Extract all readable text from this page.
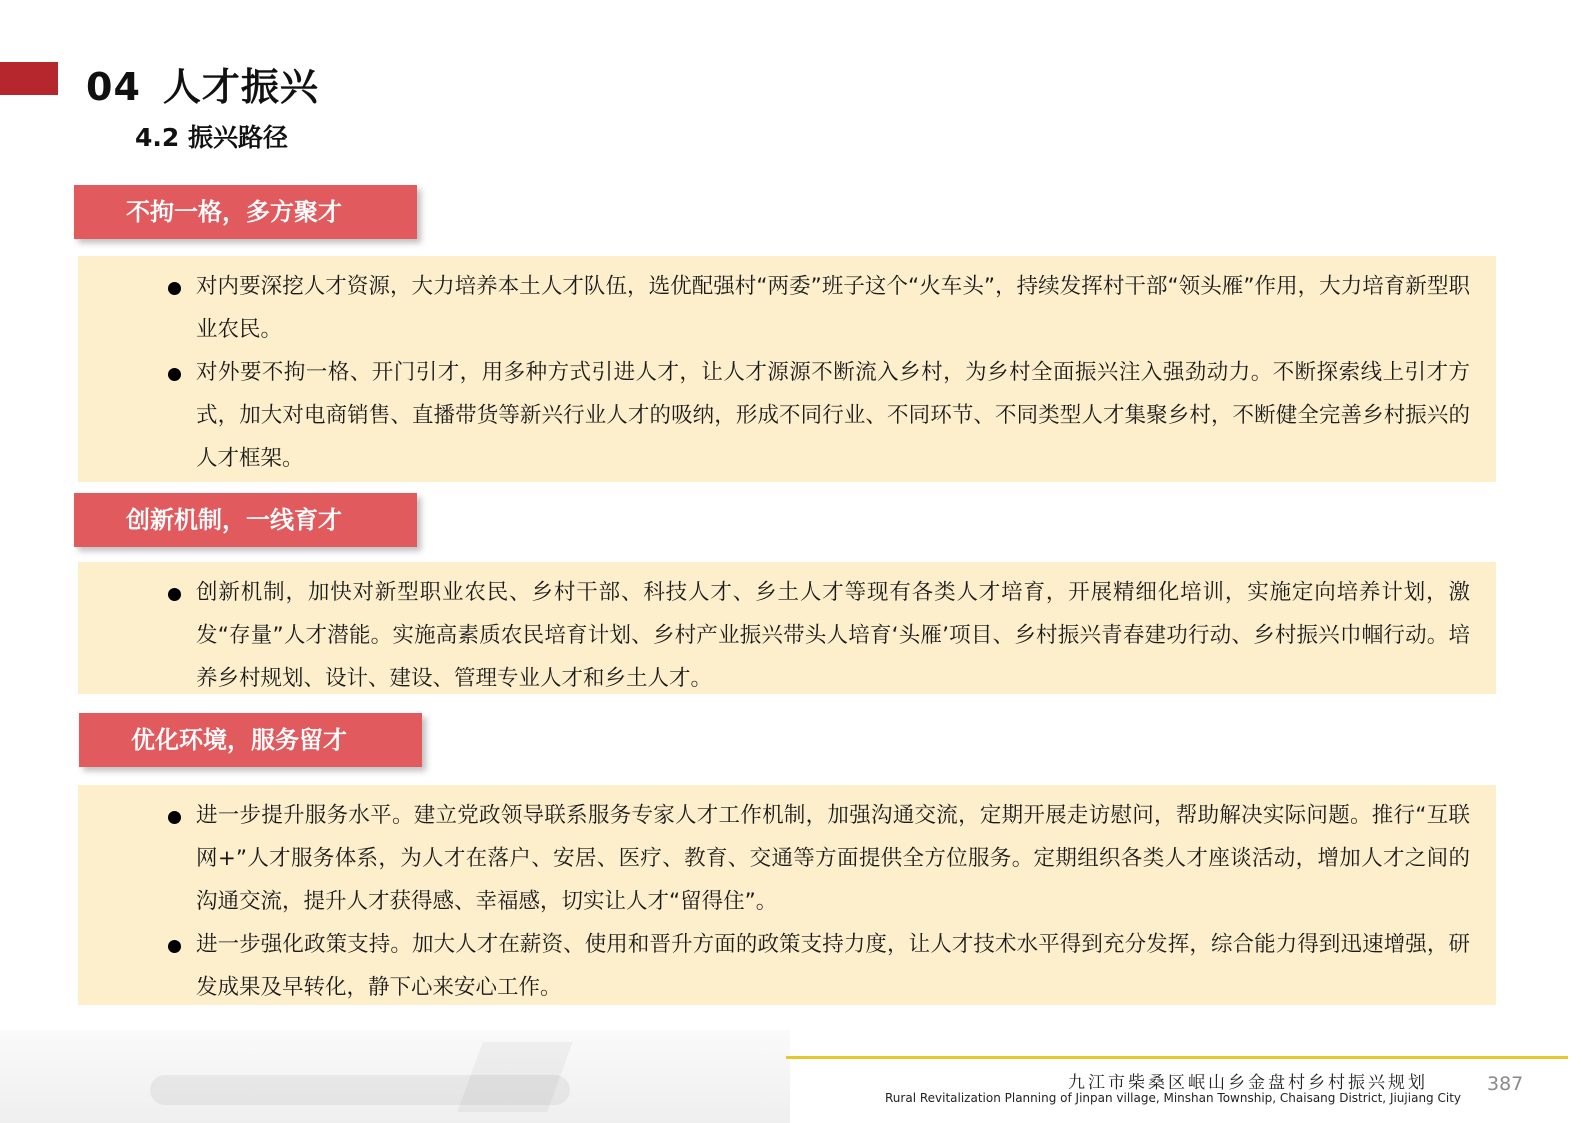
04 人才振兴
4.2 振兴路径
不拘一格，多方聚才
对内要深挖人才资源，大力培养本土人才队伍，选优配强村“两委”班子这个“火车头”，持续发挥村干部“领头雁”作用，大力培育新型职业农民。
对外要不拘一格、开门引才，用多种方式引进人才，让人才源源不断流入乡村，为乡村全面振兴注入强劲动力。不断探索线上引才方式，加大对电商销售、直播带货等新兴行业人才的吸纳，形成不同行业、不同环节、不同类型人才集聚乡村，不断健全完善乡村振兴的人才框架。
创新机制，一线育才
创新机制，加快对新型职业农民、乡村干部、科技人才、乡土人才等现有各类人才培育，开展精细化培训，实施定向培养计划，激发“存量”人才潜能。实施高素质农民培育计划、乡村产业振兴带头人培育‘头雁’项目、乡村振兴青春建功行动、乡村振兴巾帼行动。培养乡村规划、设计、建设、管理专业人才和乡土人才。
优化环境，服务留才
进一步提升服务水平。建立党政领导联系服务专家人才工作机制，加强沟通交流，定期开展走访慰问，帮助解决实际问题。推行“互联网+”人才服务体系，为人才在落户、安居、医疗、教育、交通等方面提供全方位服务。定期组织各类人才座谈活动，增加人才之间的沟通交流，提升人才获得感、幸福感，切实让人才“留得住”。
进一步强化政策支持。加大人才在薪资、使用和晋升方面的政策支持力度，让人才技术水平得到充分发挥，综合能力得到迅速增强，研发成果及早转化，静下心来安心工作。
九江市柴桑区岷山乡金盘村乡村振兴规划
Rural Revitalization Planning of Jinpan village, Minshan Township, Chaisang District, Jiujiang City
387
